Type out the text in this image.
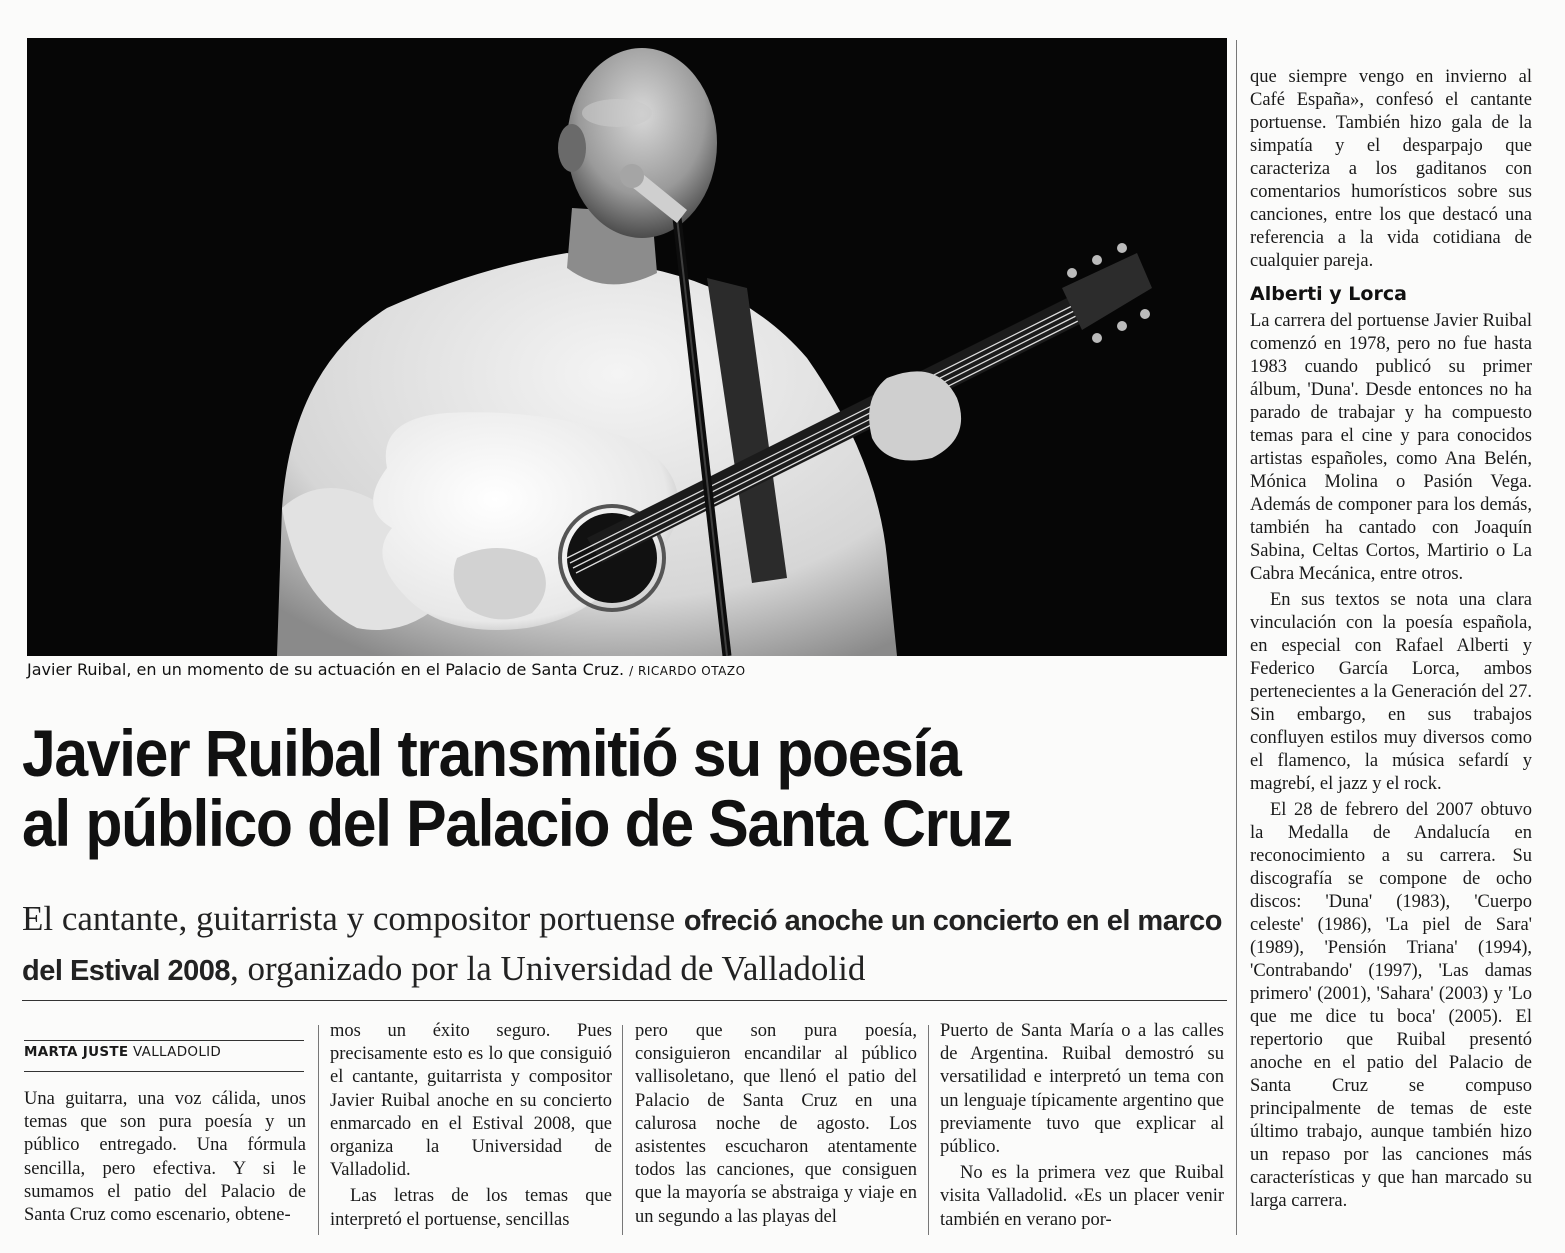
Javier Ruibal, en un momento de su actuación en el Palacio de Santa Cruz. / RICARDO OTAZO
Javier Ruibal transmitió su poesía
al público del Palacio de Santa Cruz
El cantante, guitarrista y compositor portuense ofreció anoche un concierto en el marco del Estival 2008, organizado por la Universidad de Valladolid
MARTA JUSTE VALLADOLID

Una guitarra, una voz cálida, unos temas que son pura poesía y un público entregado. Una fórmula sencilla, pero efectiva. Y si le sumamos el patio del Palacio de Santa Cruz como escenario, obtene-

mos un éxito seguro. Pues precisamente esto es lo que consiguió el cantante, guitarrista y compositor Javier Ruibal anoche en su concierto enmarcado en el Estival 2008, que organiza la Universidad de Valladolid.

Las letras de los temas que interpretó el portuense, sencillas

pero que son pura poesía, consiguieron encandilar al público vallisoletano, que llenó el patio del Palacio de Santa Cruz en una calurosa noche de agosto. Los asistentes escucharon atentamente todos las canciones, que consiguen que la mayoría se abstraiga y viaje en un segundo a las playas del

Puerto de Santa María o a las calles de Argentina. Ruibal demostró su versatilidad e interpretó un tema con un lenguaje típicamente argentino que previamente tuvo que explicar al público.

No es la primera vez que Ruibal visita Valladolid. «Es un placer venir también en verano por-

que siempre vengo en invierno al Café España», confesó el cantante portuense. También hizo gala de la simpatía y el desparpajo que caracteriza a los gaditanos con comentarios humorísticos sobre sus canciones, entre los que destacó una referencia a la vida cotidiana de cualquier pareja.

Alberti y Lorca

La carrera del portuense Javier Ruibal comenzó en 1978, pero no fue hasta 1983 cuando publicó su primer álbum, 'Duna'. Desde entonces no ha parado de trabajar y ha compuesto temas para el cine y para conocidos artistas españoles, como Ana Belén, Mónica Molina o Pasión Vega. Además de componer para los demás, también ha cantado con Joaquín Sabina, Celtas Cortos, Martirio o La Cabra Mecánica, entre otros.

En sus textos se nota una clara vinculación con la poesía española, en especial con Rafael Alberti y Federico García Lorca, ambos pertenecientes a la Generación del 27. Sin embargo, en sus trabajos confluyen estilos muy diversos como el flamenco, la música sefardí y magrebí, el jazz y el rock.

El 28 de febrero del 2007 obtuvo la Medalla de Andalucía en reconocimiento a su carrera. Su discografía se compone de ocho discos: 'Duna' (1983), 'Cuerpo celeste' (1986), 'La piel de Sara' (1989), 'Pensión Triana' (1994), 'Contrabando' (1997), 'Las damas primero' (2001), 'Sahara' (2003) y 'Lo que me dice tu boca' (2005). El repertorio que Ruibal presentó anoche en el patio del Palacio de Santa Cruz se compuso principalmente de temas de este último trabajo, aunque también hizo un repaso por las canciones más características y que han marcado su larga carrera.
